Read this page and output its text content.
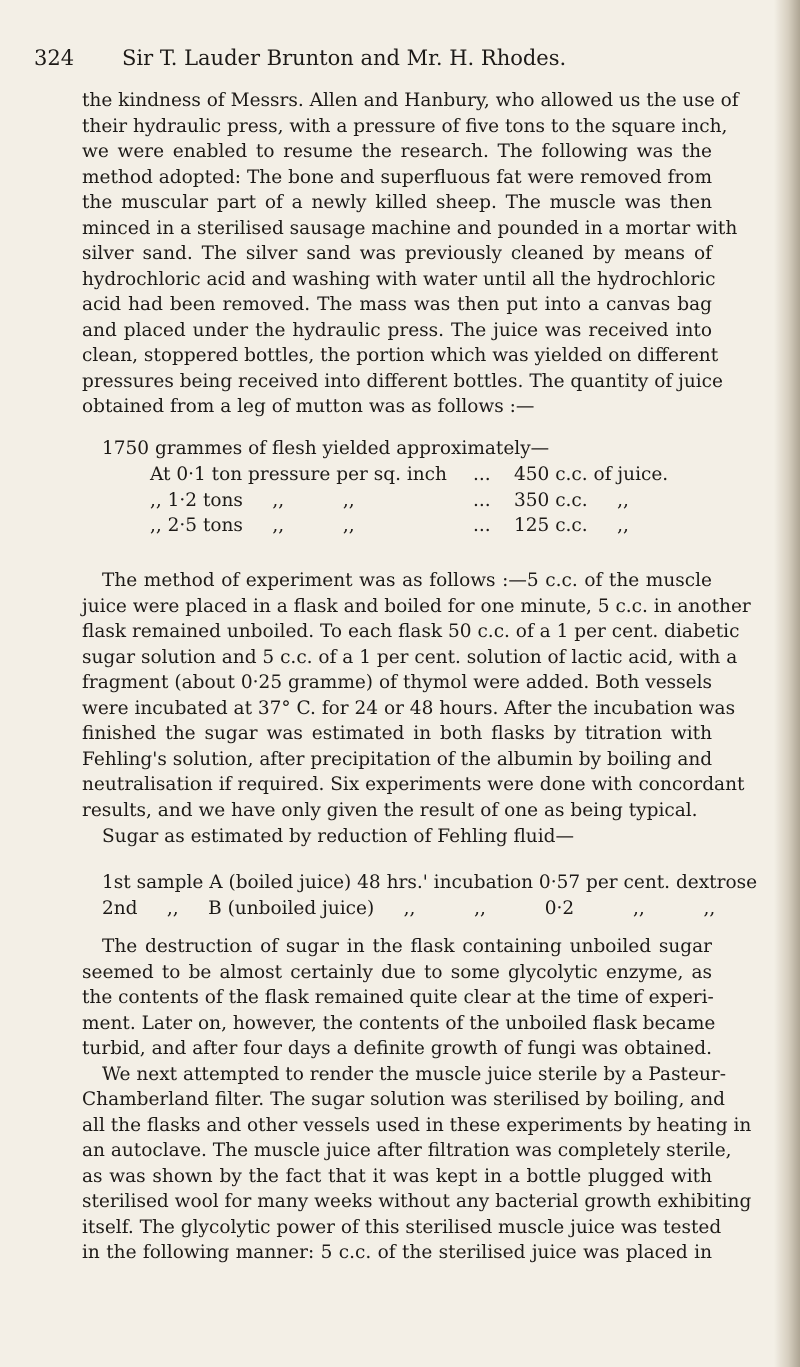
324 Sir T. Lauder Brunton and Mr. H. Rhodes.
the kindness of Messrs. Allen and Hanbury, who allowed us the use of
their hydraulic press, with a pressure of five tons to the square inch,
we were enabled to resume the research. The following was the
method adopted: The bone and superfluous fat were removed from
the muscular part of a newly killed sheep. The muscle was then
minced in a sterilised sausage machine and pounded in a mortar with
silver sand. The silver sand was previously cleaned by means of
hydrochloric acid and washing with water until all the hydrochloric
acid had been removed. The mass was then put into a canvas bag
and placed under the hydraulic press. The juice was received into
clean, stoppered bottles, the portion which was yielded on different
pressures being received into different bottles. The quantity of juice
obtained from a leg of mutton was as follows :—
1750 grammes of flesh yielded approximately—
At 0·1 ton pressure per sq. inch ... 450 c.c. of juice.
,, 1·2 tons     ,,          ,,	... 350 c.c.     ,,
,, 2·5 tons     ,,          ,,	... 125 c.c.     ,,
The method of experiment was as follows :—5 c.c. of the muscle
juice were placed in a flask and boiled for one minute, 5 c.c. in another
flask remained unboiled. To each flask 50 c.c. of a 1 per cent. diabetic
sugar solution and 5 c.c. of a 1 per cent. solution of lactic acid, with a
fragment (about 0·25 gramme) of thymol were added. Both vessels
were incubated at 37° C. for 24 or 48 hours. After the incubation was
finished the sugar was estimated in both flasks by titration with
Fehling's solution, after precipitation of the albumin by boiling and
neutralisation if required. Six experiments were done with concordant
results, and we have only given the result of one as being typical.
Sugar as estimated by reduction of Fehling fluid—
1st sample A (boiled juice) 48 hrs.' incubation 0·57 per cent. dextrose
2nd     ,,     B (unboiled juice)     ,,          ,,          0·2          ,,          ,,
The destruction of sugar in the flask containing unboiled sugar
seemed to be almost certainly due to some glycolytic enzyme, as
the contents of the flask remained quite clear at the time of experi-
ment. Later on, however, the contents of the unboiled flask became
turbid, and after four days a definite growth of fungi was obtained.
We next attempted to render the muscle juice sterile by a Pasteur-
Chamberland filter. The sugar solution was sterilised by boiling, and
all the flasks and other vessels used in these experiments by heating in
an autoclave. The muscle juice after filtration was completely sterile,
as was shown by the fact that it was kept in a bottle plugged with
sterilised wool for many weeks without any bacterial growth exhibiting
itself. The glycolytic power of this sterilised muscle juice was tested
in the following manner: 5 c.c. of the sterilised juice was placed in
